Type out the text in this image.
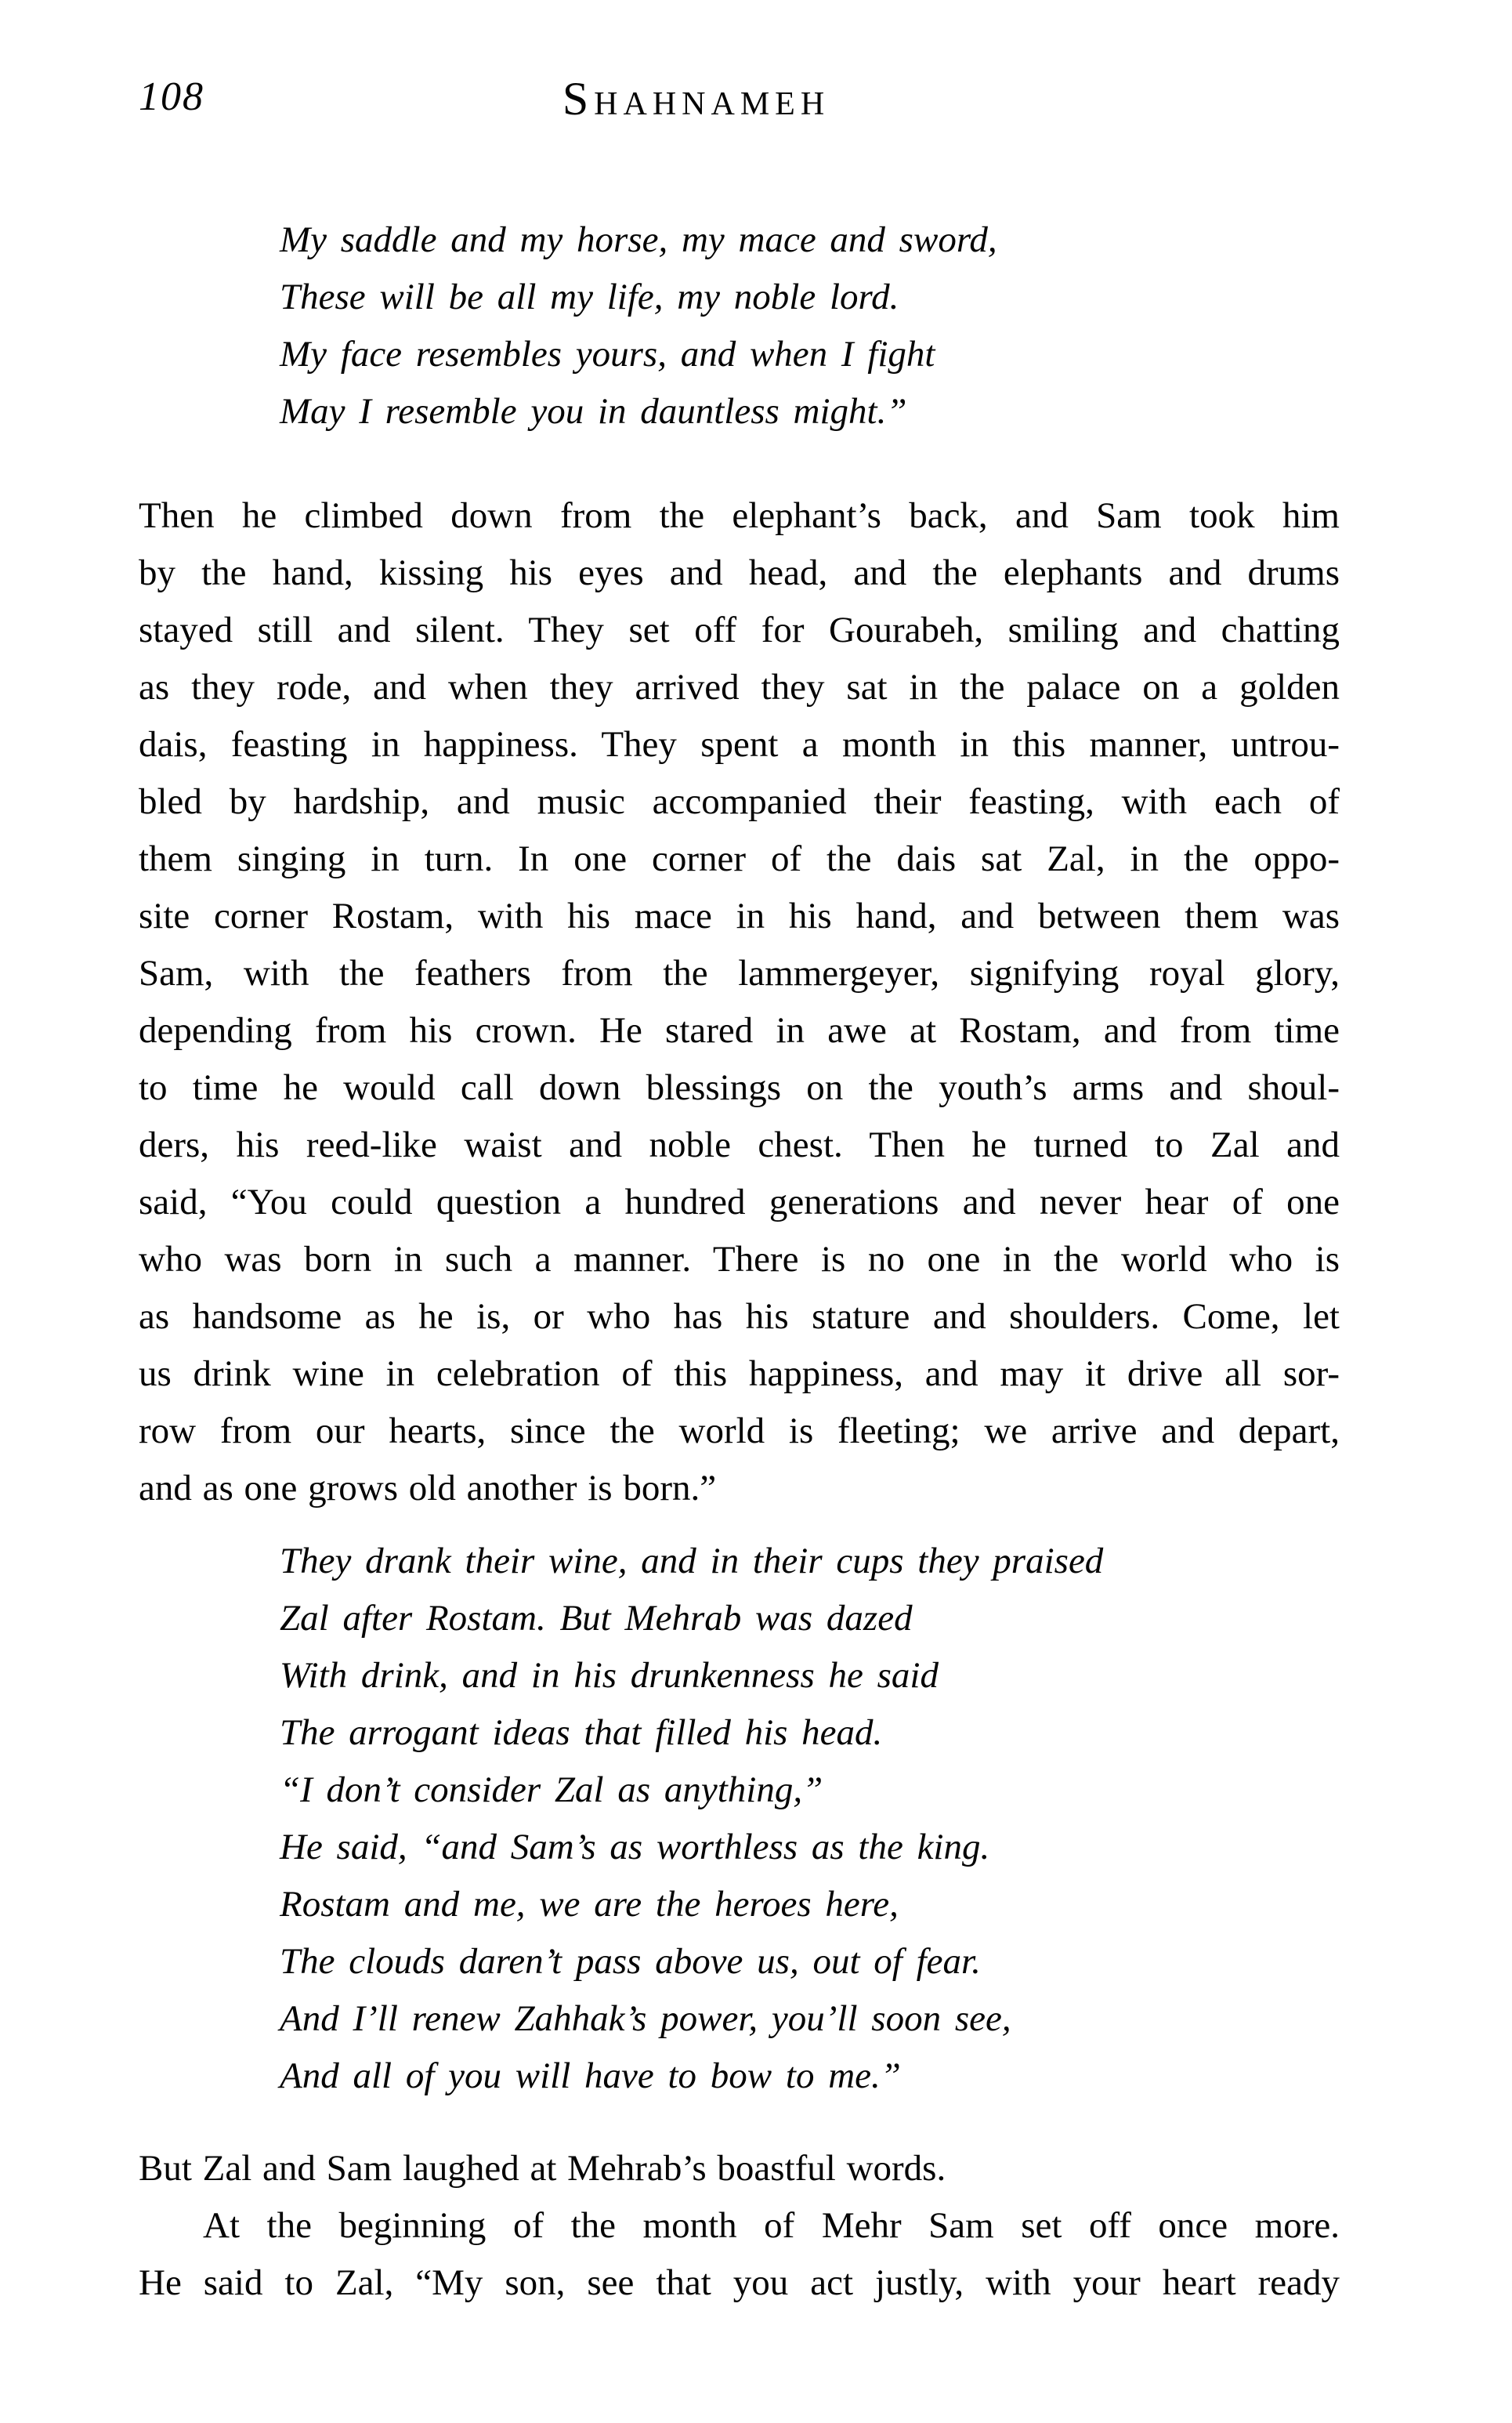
108	Shahnameh
My saddle and my horse, my mace and sword,
These will be all my life, my noble lord.
My face resembles yours, and when I fight
May I resemble you in dauntless might.”
Then he climbed down from the elephant’s back, and Sam took him
by the hand, kissing his eyes and head, and the elephants and drums
stayed still and silent. They set off for Gourabeh, smiling and chatting
as they rode, and when they arrived they sat in the palace on a golden
dais, feasting in happiness. They spent a month in this manner, untrou-
bled by hardship, and music accompanied their feasting, with each of
them singing in turn. In one corner of the dais sat Zal, in the oppo-
site corner Rostam, with his mace in his hand, and between them was
Sam, with the feathers from the lammergeyer, signifying royal glory,
depending from his crown. He stared in awe at Rostam, and from time
to time he would call down blessings on the youth’s arms and shoul-
ders, his reed-like waist and noble chest. Then he turned to Zal and
said, “You could question a hundred generations and never hear of one
who was born in such a manner. There is no one in the world who is
as handsome as he is, or who has his stature and shoulders. Come, let
us drink wine in celebration of this happiness, and may it drive all sor-
row from our hearts, since the world is fleeting; we arrive and depart,
and as one grows old another is born.”
They drank their wine, and in their cups they praised
Zal after Rostam. But Mehrab was dazed
With drink, and in his drunkenness he said
The arrogant ideas that filled his head.
“I don’t consider Zal as anything,”
He said, “and Sam’s as worthless as the king.
Rostam and me, we are the heroes here,
The clouds daren’t pass above us, out of fear.
And I’ll renew Zahhak’s power, you’ll soon see,
And all of you will have to bow to me.”
But Zal and Sam laughed at Mehrab’s boastful words.
At the beginning of the month of Mehr Sam set off once more.
He said to Zal, “My son, see that you act justly, with your heart ready
